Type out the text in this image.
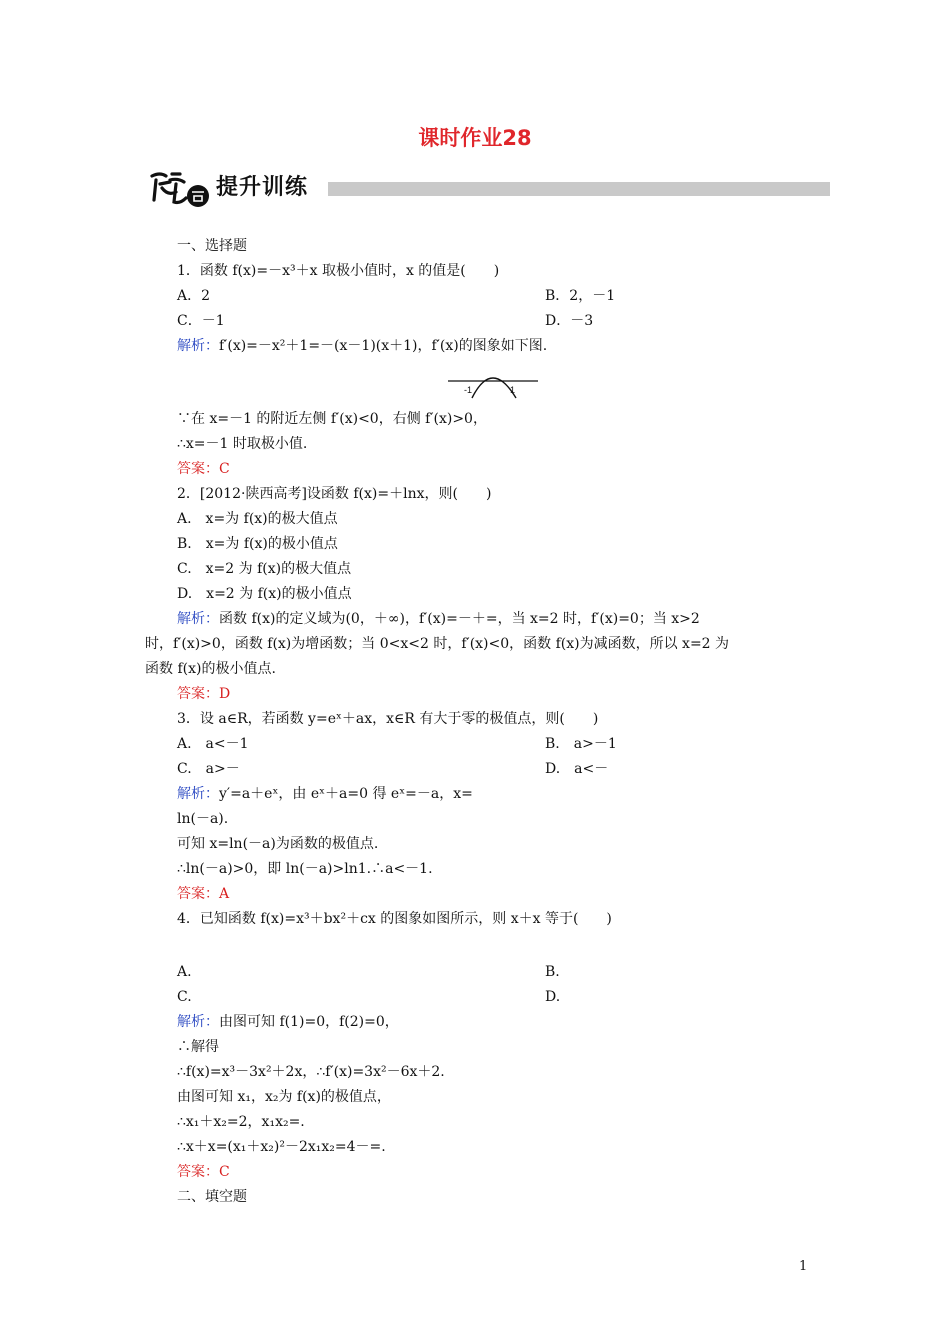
课时作业28
提升训练
课后作业·日日清|35分钟
一、选择题
1．函数 f(x)=－x³＋x 取极小值时，x 的值是(　　)
A．2	B．2，－1
C．－1	D．－3
解析：f′(x)=－x²＋1=－(x－1)(x＋1)，f′(x)的图象如下图.
-1	1
∵在 x=－1 的附近左侧 f′(x)<0，右侧 f′(x)>0，
∴x=－1 时取极小值.
答案：C
2．[2012·陕西高考]设函数 f(x)=＋lnx，则(　　)
A.　x=为 f(x)的极大值点
B.　x=为 f(x)的极小值点
C.　x=2 为 f(x)的极大值点
D.　x=2 为 f(x)的极小值点
解析：函数 f(x)的定义域为(0，＋∞)，f′(x)=－＋=，当 x=2 时，f′(x)=0；当 x>2
时，f′(x)>0，函数 f(x)为增函数；当 0<x<2 时，f′(x)<0，函数 f(x)为减函数，所以 x=2 为
函数 f(x)的极小值点.
答案：D
3．设 a∈R，若函数 y=eˣ＋ax，x∈R 有大于零的极值点，则(　　)
A.　a<－1	B.　a>－1
C.　a>－	D.　a<－
解析：y′=a＋eˣ，由 eˣ＋a=0 得 eˣ=－a，x=
ln(－a).
可知 x=ln(－a)为函数的极值点.
∴ln(－a)>0，即 ln(－a)>ln1.∴a<－1.
答案：A
4．已知函数 f(x)=x³＋bx²＋cx 的图象如图所示，则 x＋x 等于(　　)
A.	B.
C.	D.
解析：由图可知 f(1)=0，f(2)=0，
∴解得
∴f(x)=x³－3x²＋2x，∴f′(x)=3x²－6x＋2.
由图可知 x₁，x₂为 f(x)的极值点，
∴x₁＋x₂=2，x₁x₂=.
∴x＋x=(x₁＋x₂)²－2x₁x₂=4－=.
答案：C
二、填空题
1
